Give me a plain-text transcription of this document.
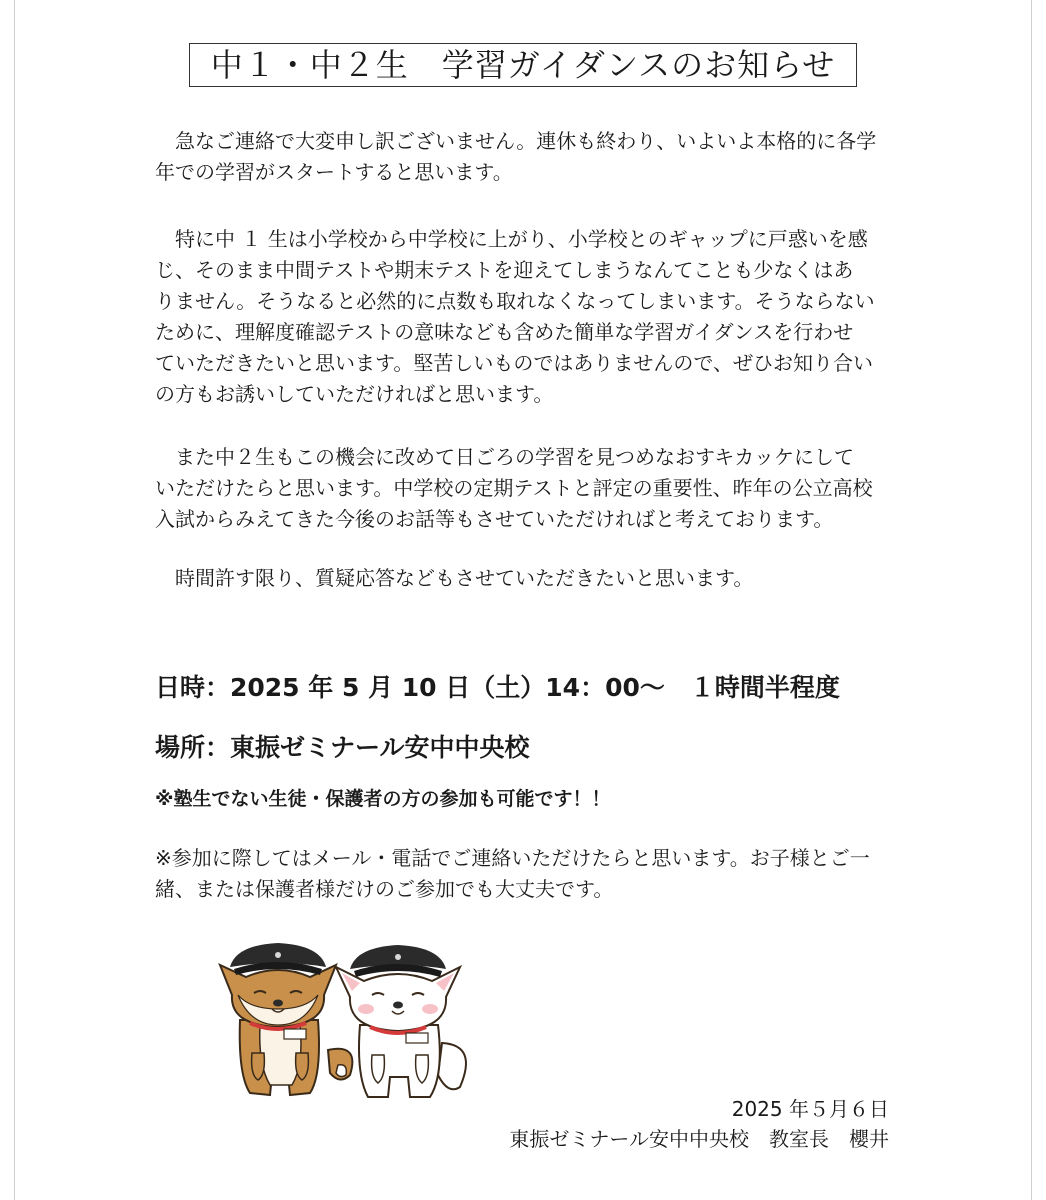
中１・中２生　学習ガイダンスのお知らせ
　急なご連絡で大変申し訳ございません。連休も終わり、いよいよ本格的に各学
年での学習がスタートすると思います。
　特に中 １ 生は小学校から中学校に上がり、小学校とのギャップに戸惑いを感
じ、そのまま中間テストや期末テストを迎えてしまうなんてことも少なくはあ
りません。そうなると必然的に点数も取れなくなってしまいます。そうならない
ために、理解度確認テストの意味なども含めた簡単な学習ガイダンスを行わせ
ていただきたいと思います。堅苦しいものではありませんので、ぜひお知り合い
の方もお誘いしていただければと思います。
　また中２生もこの機会に改めて日ごろの学習を見つめなおすキカッケにして
いただけたらと思います。中学校の定期テストと評定の重要性、昨年の公立高校
入試からみえてきた今後のお話等もさせていただければと考えております。
　時間許す限り、質疑応答などもさせていただきたいと思います。
日時：2025 年 5 月 10 日（土）14：00～　１時間半程度
場所：東振ゼミナール安中中央校
※塾生でない生徒・保護者の方の参加も可能です！！
※参加に際してはメール・電話でご連絡いただけたらと思います。お子様とご一
緒、または保護者様だけのご参加でも大丈夫です。
2025 年５月６日
東振ゼミナール安中中央校　教室長　櫻井
